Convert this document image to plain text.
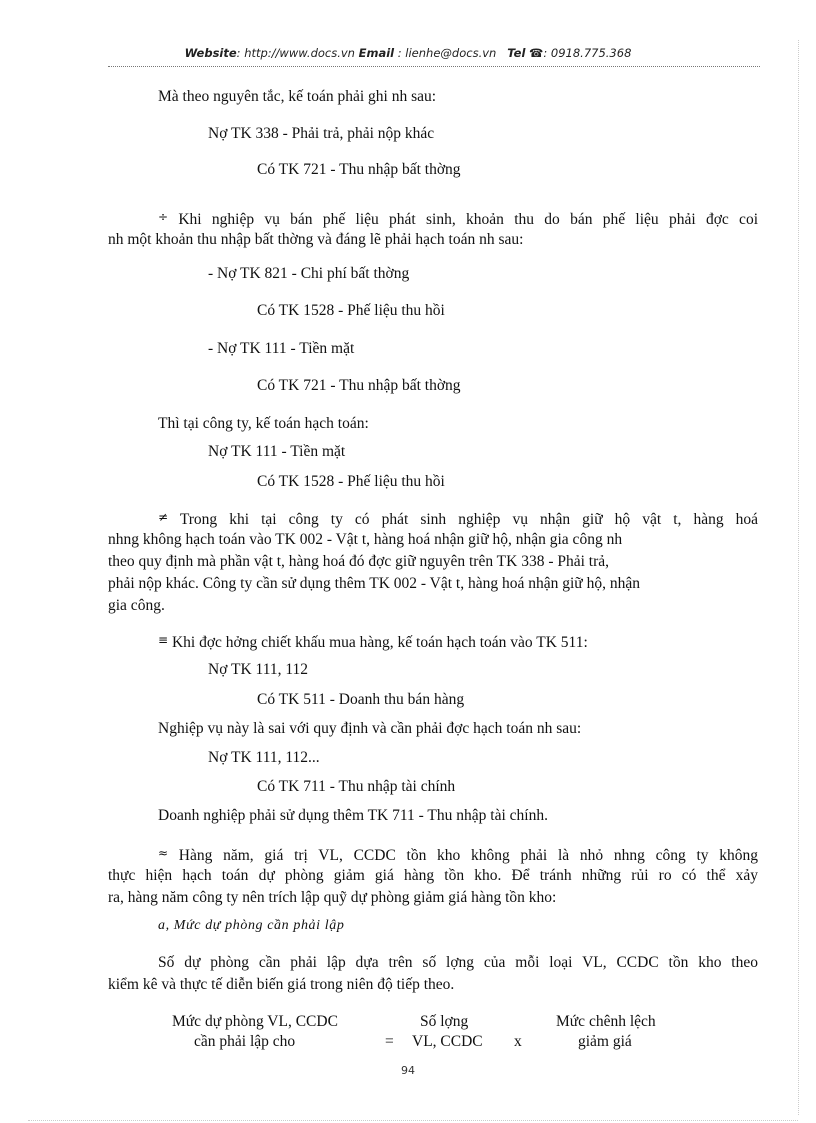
Website: http://www.docs.vn Email : lienhe@docs.vn Tel ☎: 0918.775.368
Mà theo nguyên tắc, kế toán phải ghi nh sau:
Nợ TK 338 - Phải trả, phải nộp khác
Có TK 721 - Thu nhập bất thờng
÷ Khi nghiệp vụ bán phế liệu phát sinh, khoản thu do bán phế liệu phải đợc coi
nh một khoản thu nhập bất thờng và đáng lẽ phải hạch toán nh sau:
- Nợ TK 821 - Chi phí bất thờng
Có TK 1528 - Phế liệu thu hồi
- Nợ TK 111 - Tiền mặt
Có TK 721 - Thu nhập bất thờng
Thì tại công ty, kế toán hạch toán:
Nợ TK 111 - Tiền mặt
Có TK 1528 - Phế liệu thu hồi
≠ Trong khi tại công ty có phát sinh nghiệp vụ nhận giữ hộ vật t, hàng hoá
nhng không hạch toán vào TK 002 - Vật t, hàng hoá nhận giữ hộ, nhận gia công nh
theo quy định mà phần vật t, hàng hoá đó đợc giữ nguyên trên TK 338 - Phải trả,
phải nộp khác. Công ty cần sử dụng thêm TK 002 - Vật t, hàng hoá nhận giữ hộ, nhận
gia công.
≡ Khi đợc hởng chiết khấu mua hàng, kế toán hạch toán vào TK 511:
Nợ TK 111, 112
Có TK 511 - Doanh thu bán hàng
Nghiệp vụ này là sai với quy định và cần phải đợc hạch toán nh sau:
Nợ TK 111, 112...
Có TK 711 - Thu nhập tài chính
Doanh nghiệp phải sử dụng thêm TK 711 - Thu nhập tài chính.
≈ Hàng năm, giá trị VL, CCDC tồn kho không phải là nhỏ nhng công ty không
thực hiện hạch toán dự phòng giảm giá hàng tồn kho. Để tránh những rủi ro có thể xảy
ra, hàng năm công ty nên trích lập quỹ dự phòng giảm giá hàng tồn kho:
a, Mức dự phòng cần phải lập
Số dự phòng cần phải lập dựa trên số lợng của mỗi loại VL, CCDC tồn kho theo
kiểm kê và thực tế diễn biến giá trong niên độ tiếp theo.
Mức dự phòng VL, CCDC
cần phải lập cho	=
Số lợng
VL, CCDC x
Mức chênh lệch
giảm giá
94
